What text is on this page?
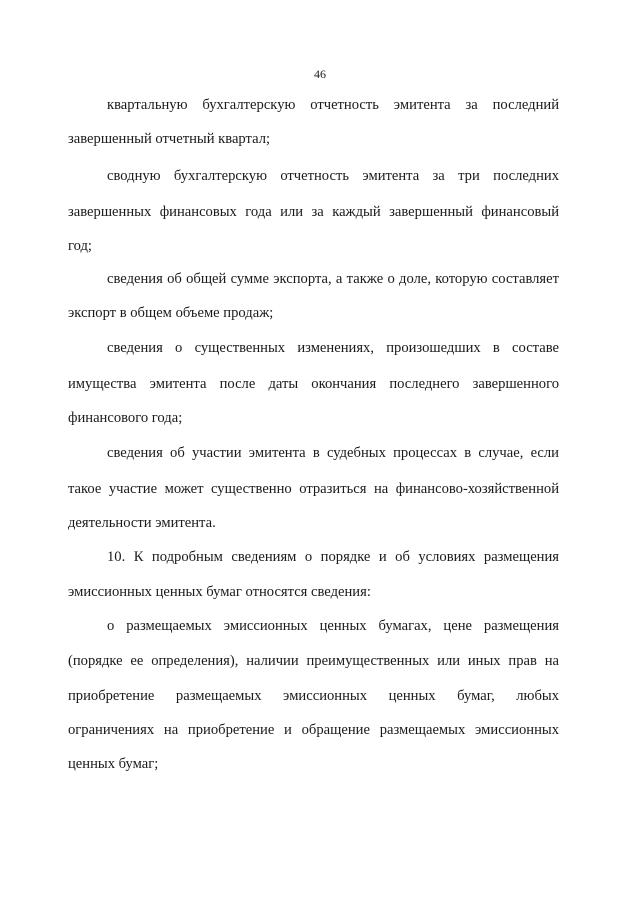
46
квартальную бухгалтерскую отчетность эмитента за последний
завершенный отчетный квартал;
сводную бухгалтерскую отчетность эмитента за три последних
завершенных финансовых года или за каждый завершенный финансовый
год;
сведения об общей сумме экспорта, а также о доле, которую составляет
экспорт в общем объеме продаж;
сведения о существенных изменениях, произошедших в составе
имущества эмитента после даты окончания последнего завершенного
финансового года;
сведения об участии эмитента в судебных процессах в случае, если
такое участие может существенно отразиться на финансово-хозяйственной
деятельности эмитента.
10. К подробным сведениям о порядке и об условиях размещения
эмиссионных ценных бумаг относятся сведения:
о размещаемых эмиссионных ценных бумагах, цене размещения
(порядке ее определения), наличии преимущественных или иных прав на
приобретение размещаемых эмиссионных ценных бумаг, любых
ограничениях на приобретение и обращение размещаемых эмиссионных
ценных бумаг;
